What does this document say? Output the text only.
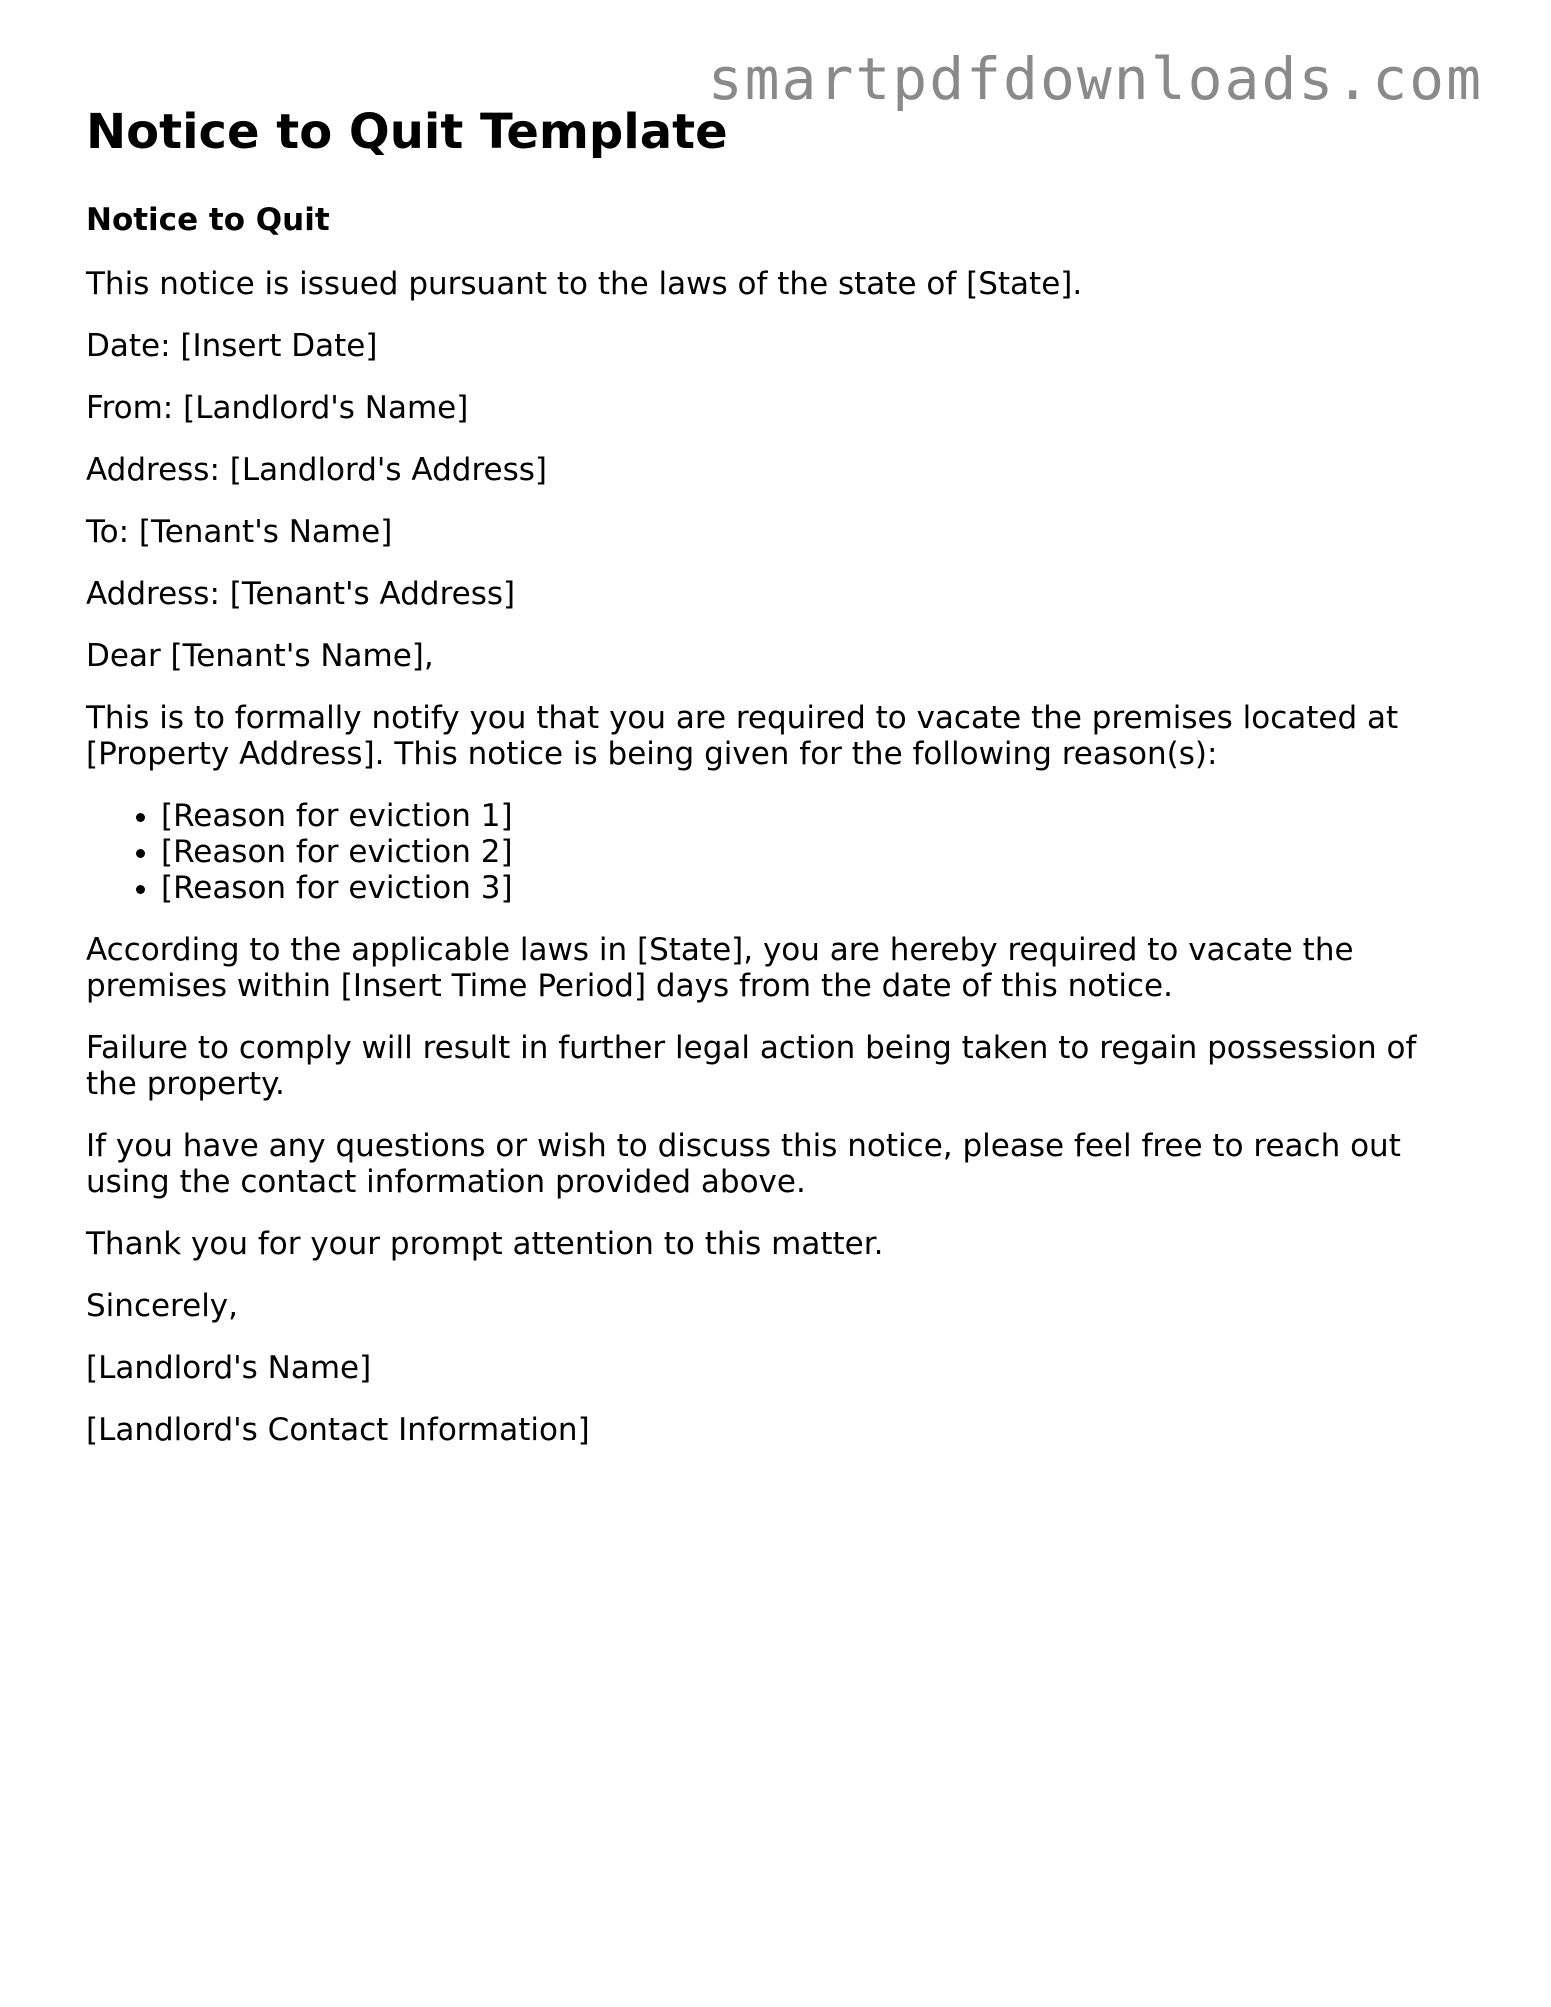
smartpdfdownloads.com
Notice to Quit Template
Notice to Quit

This notice is issued pursuant to the laws of the state of [State].

Date: [Insert Date]

From: [Landlord's Name]

Address: [Landlord's Address]

To: [Tenant's Name]

Address: [Tenant's Address]

Dear [Tenant's Name],

This is to formally notify you that you are required to vacate the premises located at [Property Address]. This notice is being given for the following reason(s):

• [Reason for eviction 1]
• [Reason for eviction 2]
• [Reason for eviction 3]

According to the applicable laws in [State], you are hereby required to vacate the premises within [Insert Time Period] days from the date of this notice.

Failure to comply will result in further legal action being taken to regain possession of the property.

If you have any questions or wish to discuss this notice, please feel free to reach out using the contact information provided above.

Thank you for your prompt attention to this matter.

Sincerely,

[Landlord's Name]

[Landlord's Contact Information]
